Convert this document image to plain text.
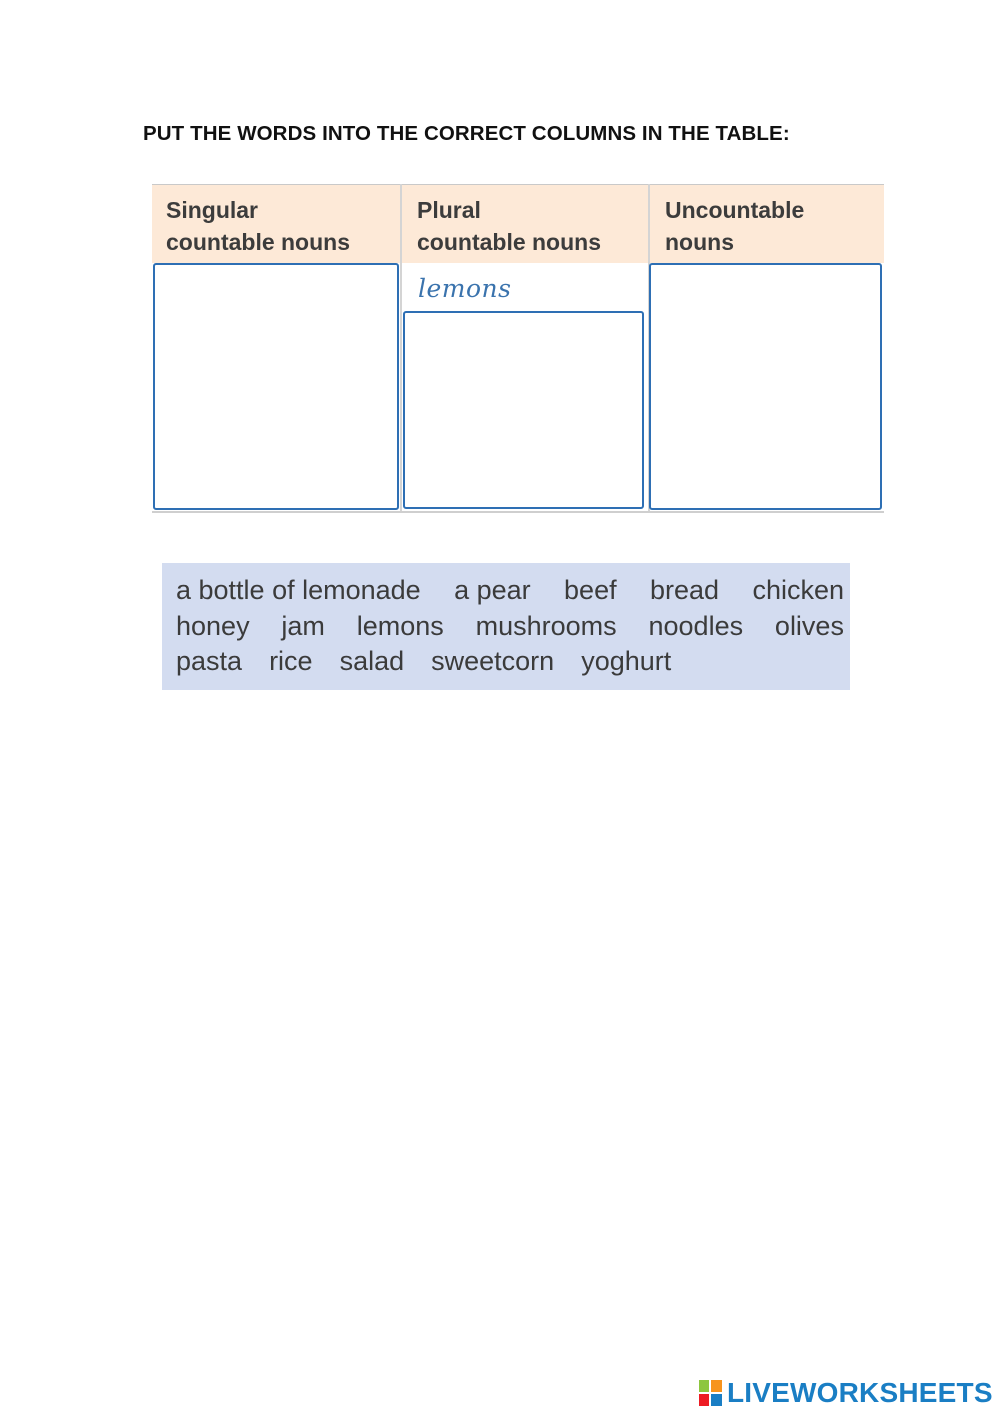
PUT THE WORDS INTO THE CORRECT COLUMNS IN THE TABLE:
Singular
countable nouns
Plural
countable nouns
Uncountable
nouns
lemons
a bottle of lemonade a pear beef bread chicken
honey jam lemons mushrooms noodles olives
pasta rice salad sweetcorn yoghurt
LIVEWORKSHEETS
